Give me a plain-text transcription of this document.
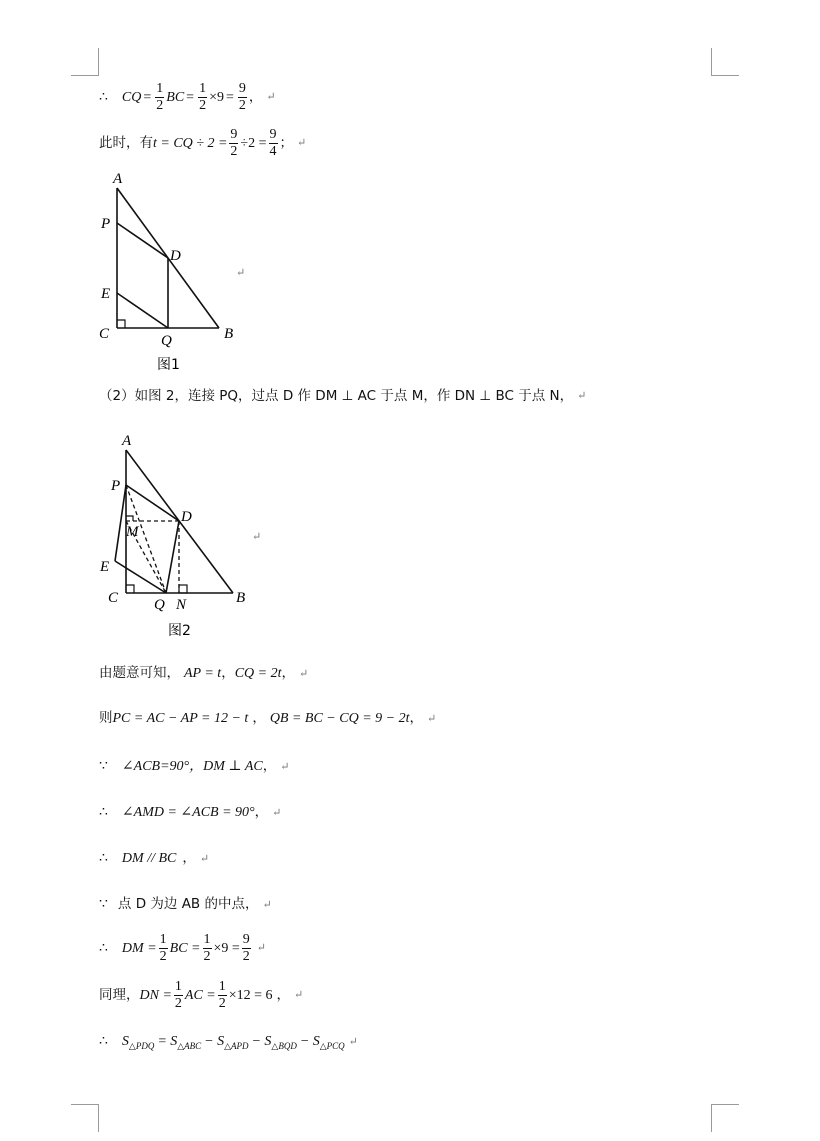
∴ CQ = $\frac{1}{2}$ BC = $\frac{1}{2} \times 9 = \frac{9}{2}$ ， ↵
此时，有 t = CQ ÷ $2 = \frac{9}{2} \div 2 = \frac{9}{4}$ ； ↵
A
P
D
E
C	Q	B
图1
↵
（2）如图 2，连接 PQ，过点 D 作 DM ⊥ AC 于点 M，作 DN ⊥ BC 于点 N， ↵
A
P
D
M
E
C Q N	B
图2
↵
由题意可知， AP = t ， CQ = 2t ， ↵
则 PC = AC − AP = 12 − t ， QB = BC − CQ = 9 − 2t ， ↵
∵ ∠ACB=90°，DM ⊥ AC ， ↵
∴ ∠AMD = ∠ACB = 90° ， ↵
∴ DM // BC ， ↵
∵ 点 D 为边 AB 的中点， ↵
∴ DM = $\frac{1}{2}$ BC = $\frac{1}{2} \times 9 = \frac{9}{2}$ ↵
同理， DN = $\frac{1}{2}$ AC = $\frac{1}{2} \times 12 = 6$ ， ↵
∴ S △PDQ = S △ABC − S △APD − S △BQD − S △PCQ ↵
